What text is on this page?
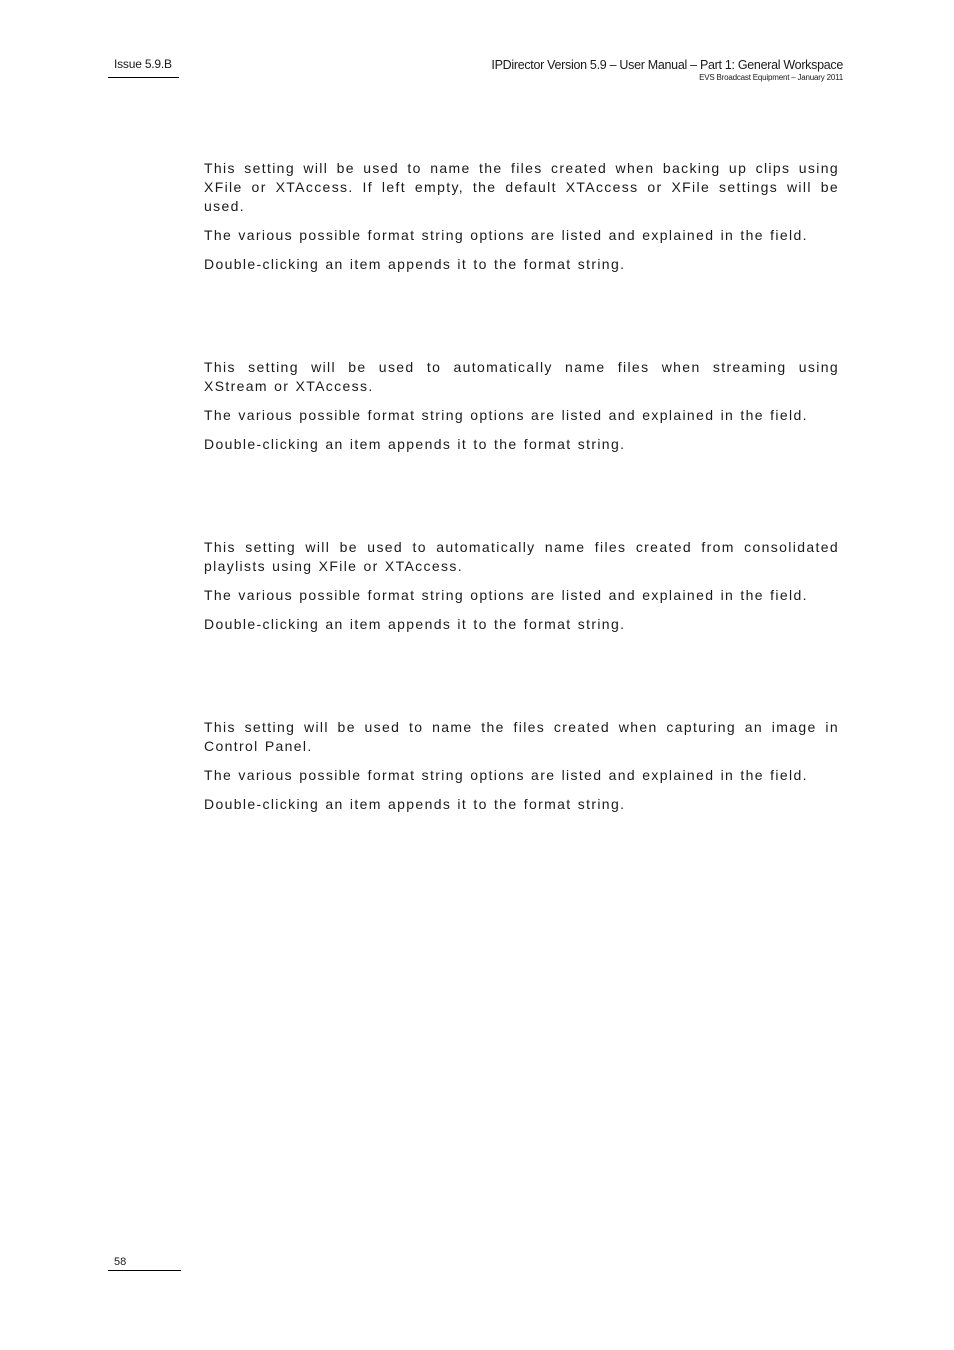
Issue 5.9.B	IPDirector Version 5.9 – User Manual – Part 1: General Workspace
EVS Broadcast Equipment – January 2011

This setting will be used to name the files created when backing up clips using XFile or XTAccess. If left empty, the default XTAccess or XFile settings will be used.

The various possible format string options are listed and explained in the field.

Double-clicking an item appends it to the format string.

This setting will be used to automatically name files when streaming using XStream or XTAccess.

The various possible format string options are listed and explained in the field.

Double-clicking an item appends it to the format string.

This setting will be used to automatically name files created from consolidated playlists using XFile or XTAccess.

The various possible format string options are listed and explained in the field.

Double-clicking an item appends it to the format string.

This setting will be used to name the files created when capturing an image in Control Panel.

The various possible format string options are listed and explained in the field.

Double-clicking an item appends it to the format string.

58
